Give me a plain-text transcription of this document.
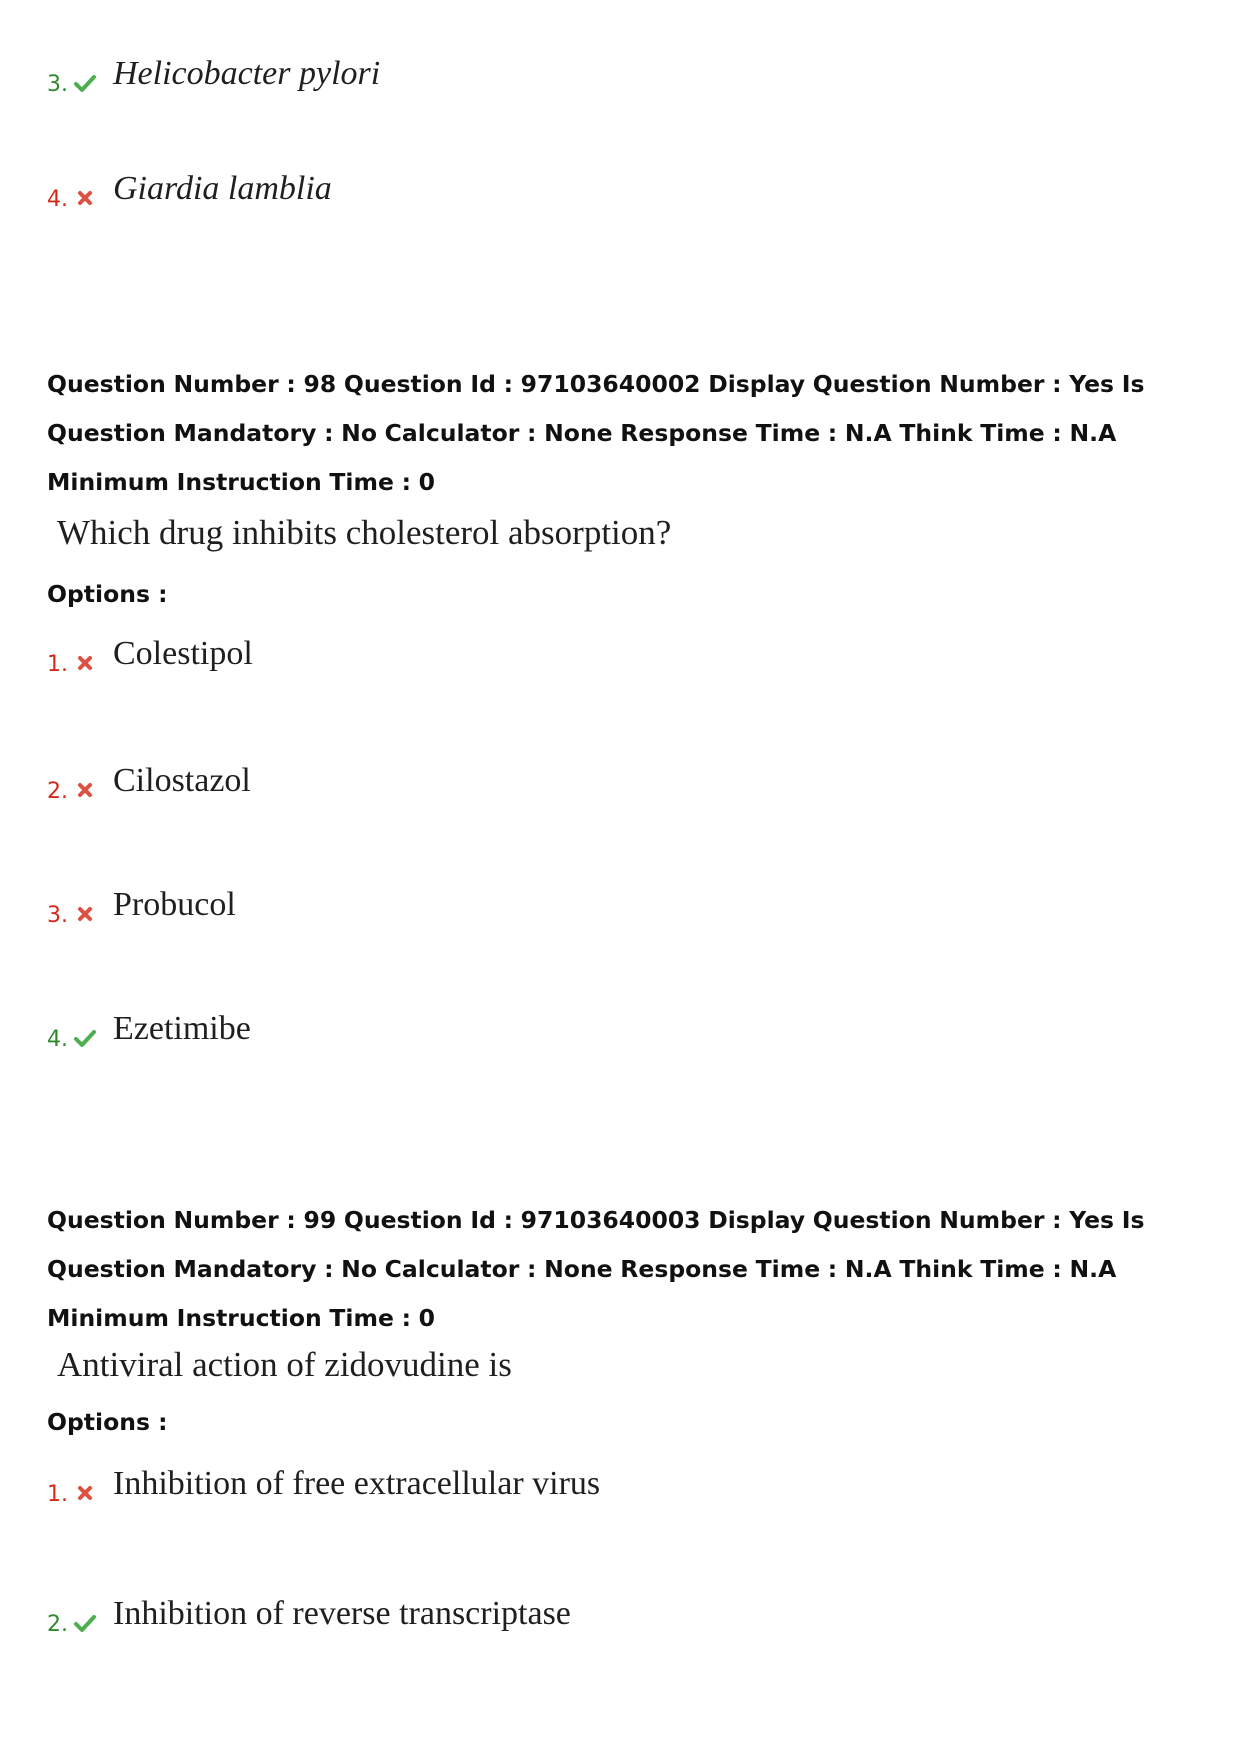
3. Helicobacter pylori
4. Giardia lamblia
Question Number : 98 Question Id : 97103640002 Display Question Number : Yes Is Question Mandatory : No Calculator : None Response Time : N.A Think Time : N.A Minimum Instruction Time : 0
Which drug inhibits cholesterol absorption?
Options :
1. Colestipol
2. Cilostazol
3. Probucol
4. Ezetimibe
Question Number : 99 Question Id : 97103640003 Display Question Number : Yes Is Question Mandatory : No Calculator : None Response Time : N.A Think Time : N.A Minimum Instruction Time : 0
Antiviral action of zidovudine is
Options :
1. Inhibition of free extracellular virus
2. Inhibition of reverse transcriptase
